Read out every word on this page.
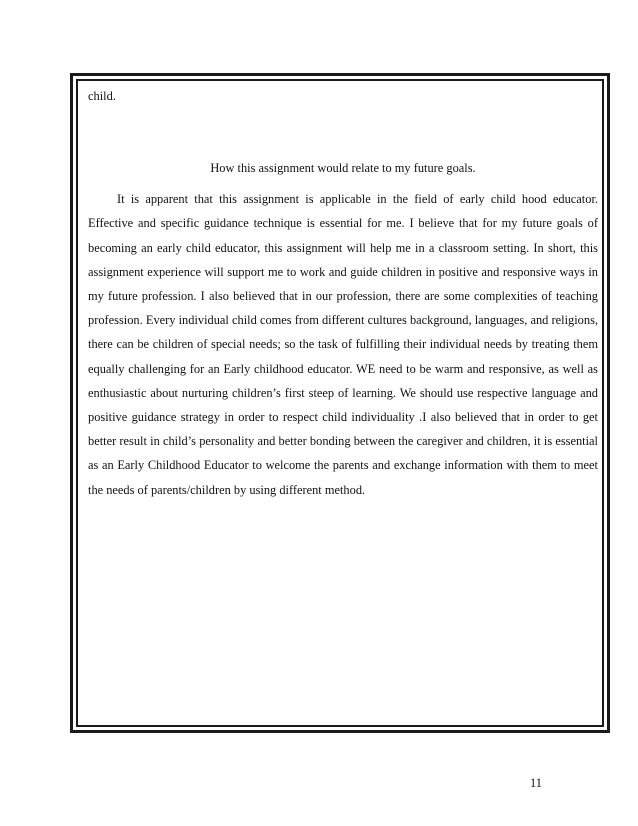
child.

How this assignment would relate to my future goals.

It is apparent that this assignment is applicable in the field of early child hood educator. Effective and specific guidance technique is essential for me. I believe that for my future goals of becoming an early child educator, this assignment will help me in a classroom setting. In short, this assignment experience will support me to work and guide children in positive and responsive ways in my future profession. I also believed that in our profession, there are some complexities of teaching profession. Every individual child comes from different cultures background, languages, and religions, there can be children of special needs; so the task of fulfilling their individual needs by treating them equally challenging for an Early childhood educator. WE need to be warm and responsive, as well as enthusiastic about nurturing children’s first steep of learning. We should use respective language and positive guidance strategy in order to respect child individuality .I also believed that in order to get better result in child’s personality and better bonding between the caregiver and children, it is essential as an Early Childhood Educator to welcome the parents and exchange information with them to meet the needs of parents/children by using different method.

11
